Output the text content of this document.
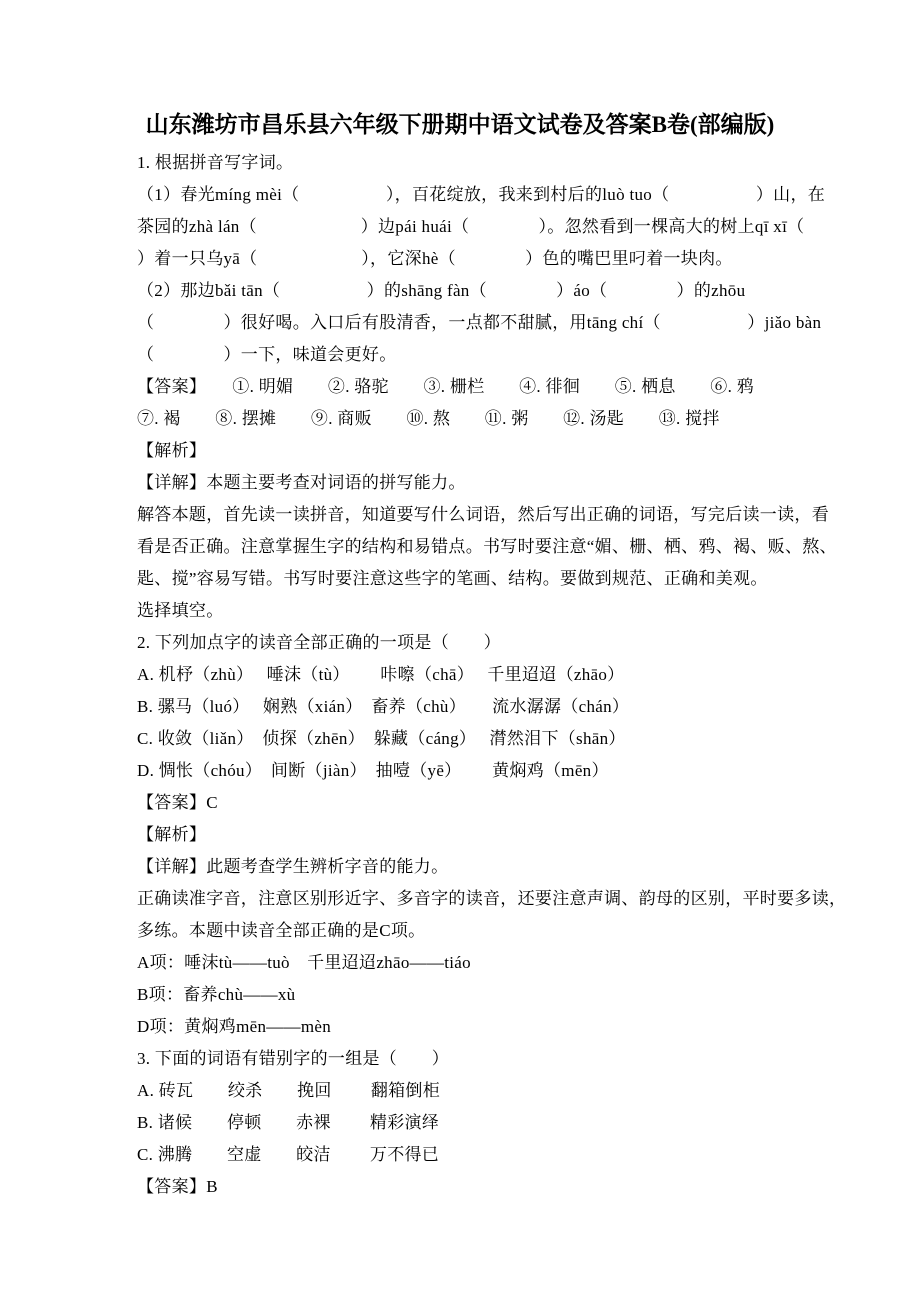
山东潍坊市昌乐县六年级下册期中语文试卷及答案B卷(部编版)
1. 根据拼音写字词。
（1）春光míng mèi（　　　　　），百花绽放，我来到村后的luò tuo（　　　　　）山，在
茶园的zhà lán（　　　　　　）边pái huái（　　　　）。忽然看到一棵高大的树上qī xī（
）着一只乌yā（　　　　　　），它深hè（　　　　）色的嘴巴里叼着一块肉。
（2）那边bǎi tān（　　　　　）的shāng fàn（　　　　）áo（　　　　）的zhōu
（　　　　）很好喝。入口后有股清香，一点都不甜腻，用tāng chí（　　　　　）jiǎo bàn
（　　　　）一下，味道会更好。
【答案】　　①. 明媚　　②. 骆驼　　③. 栅栏　　④. 徘徊　　⑤. 栖息　　⑥. 鸦
⑦. 褐　　⑧. 摆摊　　⑨. 商贩　　⑩. 熬　　⑪. 粥　　⑫. 汤匙　　⑬. 搅拌
【解析】
【详解】本题主要考查对词语的拼写能力。
解答本题，首先读一读拼音，知道要写什么词语，然后写出正确的词语，写完后读一读，看
看是否正确。注意掌握生字的结构和易错点。书写时要注意“媚、栅、栖、鸦、褐、贩、熬、
匙、搅”容易写错。书写时要注意这些字的笔画、结构。要做到规范、正确和美观。
选择填空。
2. 下列加点字的读音全部正确的一项是（　　）
A. 机杼（zhù）　 唾沫（tù）　　 咔嚓（chā）　 千里迢迢（zhāo）
B. 骡马（luó）　 娴熟（xián）　畜养（chù）　　流水潺潺（chán）
C. 收敛（liǎn）　侦探（zhēn）　躲藏（cáng）　 潸然泪下（shān）
D. 惆怅（chóu）　间断（jiàn）　抽噎（yē）　　 黄焖鸡（mēn）
【答案】C
【解析】
【详解】此题考查学生辨析字音的能力。
正确读准字音，注意区别形近字、多音字的读音，还要注意声调、韵母的区别，平时要多读，
多练。本题中读音全部正确的是C项。
A项：唾沫tù——tuò　千里迢迢zhāo——tiáo
B项：畜养chù——xù
D项：黄焖鸡mēn——mèn
3. 下面的词语有错别字的一组是（　　）
A. 砖瓦　　绞杀　　挽回　　 翻箱倒柜
B. 诸候　　停顿　　赤裸　　 精彩演绎
C. 沸腾　　空虚　　皎洁　　 万不得已
【答案】B
